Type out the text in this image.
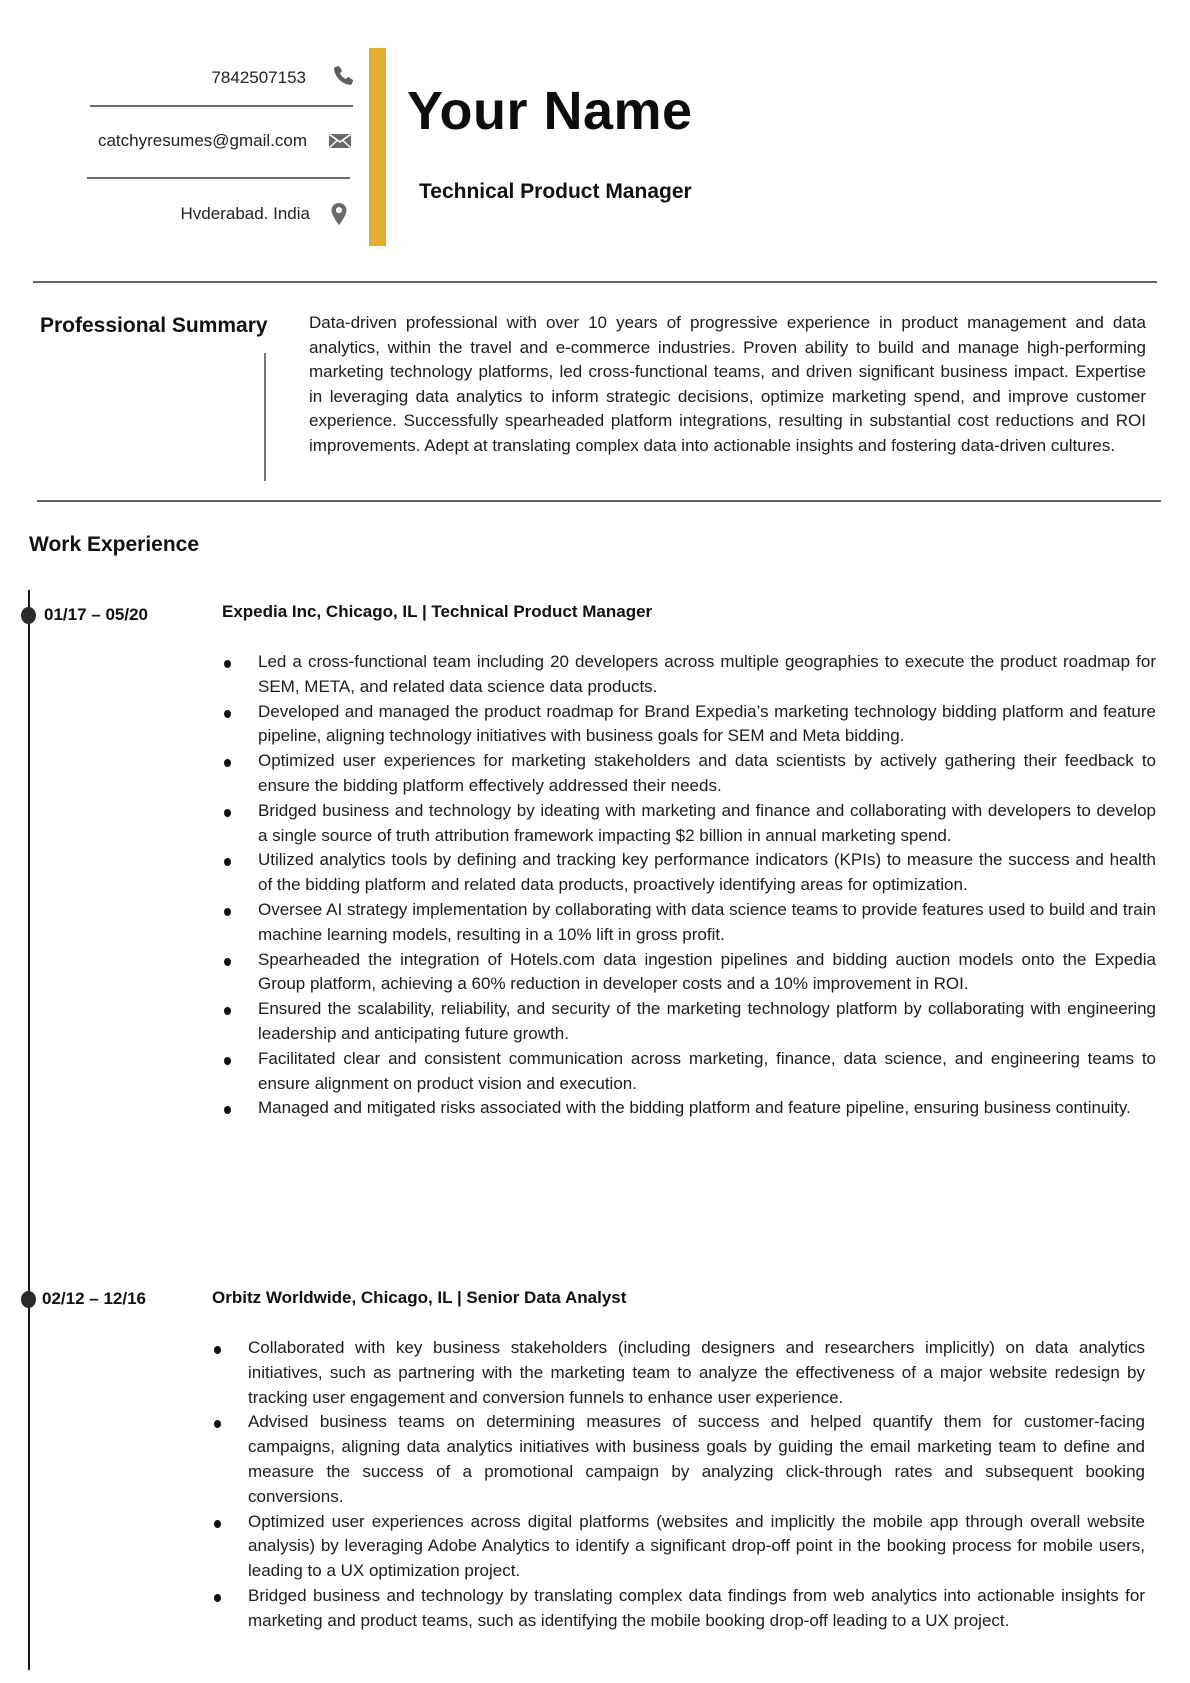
7842507153
catchyresumes@gmail.com
Hvderabad. India
Your Name
Technical Product Manager
Professional Summary Data-driven professional with over 10 years of progressive experience in product management and data analytics, within the travel and e-commerce industries. Proven ability to build and manage high-performing marketing technology platforms, led cross-functional teams, and driven significant business impact. Expertise in leveraging data analytics to inform strategic decisions, optimize marketing spend, and improve customer experience. Successfully spearheaded platform integrations, resulting in substantial cost reductions and ROI improvements. Adept at translating complex data into actionable insights and fostering data-driven cultures.

Work Experience
01/17 – 05/20	Expedia Inc, Chicago, IL | Technical Product Manager
Led a cross-functional team including 20 developers across multiple geographies to execute the product roadmap for SEM, META, and related data science data products.
Developed and managed the product roadmap for Brand Expedia’s marketing technology bidding platform and feature pipeline, aligning technology initiatives with business goals for SEM and Meta bidding.
Optimized user experiences for marketing stakeholders and data scientists by actively gathering their feedback to ensure the bidding platform effectively addressed their needs.
Bridged business and technology by ideating with marketing and finance and collaborating with developers to develop a single source of truth attribution framework impacting $2 billion in annual marketing spend.
Utilized analytics tools by defining and tracking key performance indicators (KPIs) to measure the success and health of the bidding platform and related data products, proactively identifying areas for optimization.
Oversee AI strategy implementation by collaborating with data science teams to provide features used to build and train machine learning models, resulting in a 10% lift in gross profit.
Spearheaded the integration of Hotels.com data ingestion pipelines and bidding auction models onto the Expedia Group platform, achieving a 60% reduction in developer costs and a 10% improvement in ROI.
Ensured the scalability, reliability, and security of the marketing technology platform by collaborating with engineering leadership and anticipating future growth.
Facilitated clear and consistent communication across marketing, finance, data science, and engineering teams to ensure alignment on product vision and execution.
Managed and mitigated risks associated with the bidding platform and feature pipeline, ensuring business continuity.
02/12 – 12/16	Orbitz Worldwide, Chicago, IL | Senior Data Analyst
Collaborated with key business stakeholders (including designers and researchers implicitly) on data analytics initiatives, such as partnering with the marketing team to analyze the effectiveness of a major website redesign by tracking user engagement and conversion funnels to enhance user experience.
Advised business teams on determining measures of success and helped quantify them for customer-facing campaigns, aligning data analytics initiatives with business goals by guiding the email marketing team to define and measure the success of a promotional campaign by analyzing click-through rates and subsequent booking conversions.
Optimized user experiences across digital platforms (websites and implicitly the mobile app through overall website analysis) by leveraging Adobe Analytics to identify a significant drop-off point in the booking process for mobile users, leading to a UX optimization project.
Bridged business and technology by translating complex data findings from web analytics into actionable insights for marketing and product teams, such as identifying the mobile booking drop-off leading to a UX project.
